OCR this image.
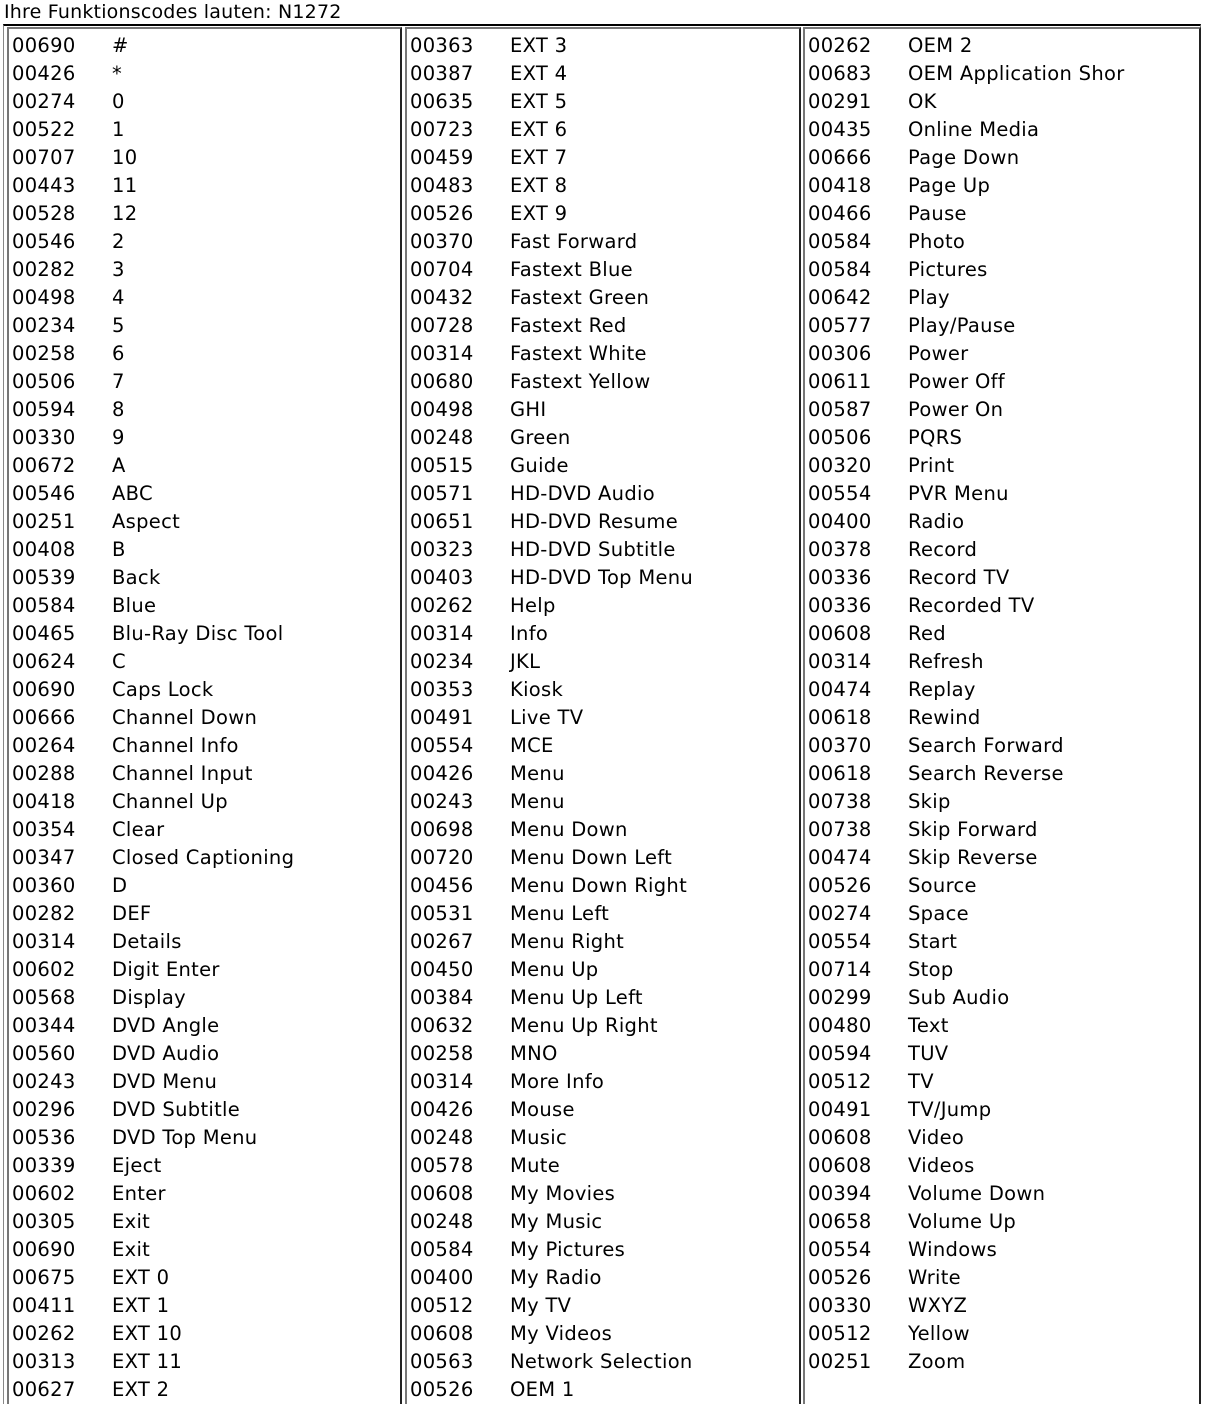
Ihre Funktionscodes lauten: N1272
00690 #
00426 *
00274 0
00522 1
00707 10
00443 11
00528 12
00546 2
00282 3
00498 4
00234 5
00258 6
00506 7
00594 8
00330 9
00672 A
00546 ABC
00251 Aspect
00408 B
00539 Back
00584 Blue
00465 Blu-Ray Disc Tool
00624 C
00690 Caps Lock
00666 Channel Down
00264 Channel Info
00288 Channel Input
00418 Channel Up
00354 Clear
00347 Closed Captioning
00360 D
00282 DEF
00314 Details
00602 Digit Enter
00568 Display
00344 DVD Angle
00560 DVD Audio
00243 DVD Menu
00296 DVD Subtitle
00536 DVD Top Menu
00339 Eject
00602 Enter
00305 Exit
00690 Exit
00675 EXT 0
00411 EXT 1
00262 EXT 10
00313 EXT 11
00627 EXT 2
00363 EXT 3
00387 EXT 4
00635 EXT 5
00723 EXT 6
00459 EXT 7
00483 EXT 8
00526 EXT 9
00370 Fast Forward
00704 Fastext Blue
00432 Fastext Green
00728 Fastext Red
00314 Fastext White
00680 Fastext Yellow
00498 GHI
00248 Green
00515 Guide
00571 HD-DVD Audio
00651 HD-DVD Resume
00323 HD-DVD Subtitle
00403 HD-DVD Top Menu
00262 Help
00314 Info
00234 JKL
00353 Kiosk
00491 Live TV
00554 MCE
00426 Menu
00243 Menu
00698 Menu Down
00720 Menu Down Left
00456 Menu Down Right
00531 Menu Left
00267 Menu Right
00450 Menu Up
00384 Menu Up Left
00632 Menu Up Right
00258 MNO
00314 More Info
00426 Mouse
00248 Music
00578 Mute
00608 My Movies
00248 My Music
00584 My Pictures
00400 My Radio
00512 My TV
00608 My Videos
00563 Network Selection
00526 OEM 1
00262 OEM 2
00683 OEM Application Shor
00291 OK
00435 Online Media
00666 Page Down
00418 Page Up
00466 Pause
00584 Photo
00584 Pictures
00642 Play
00577 Play/Pause
00306 Power
00611 Power Off
00587 Power On
00506 PQRS
00320 Print
00554 PVR Menu
00400 Radio
00378 Record
00336 Record TV
00336 Recorded TV
00608 Red
00314 Refresh
00474 Replay
00618 Rewind
00370 Search Forward
00618 Search Reverse
00738 Skip
00738 Skip Forward
00474 Skip Reverse
00526 Source
00274 Space
00554 Start
00714 Stop
00299 Sub Audio
00480 Text
00594 TUV
00512 TV
00491 TV/Jump
00608 Video
00608 Videos
00394 Volume Down
00658 Volume Up
00554 Windows
00526 Write
00330 WXYZ
00512 Yellow
00251 Zoom
